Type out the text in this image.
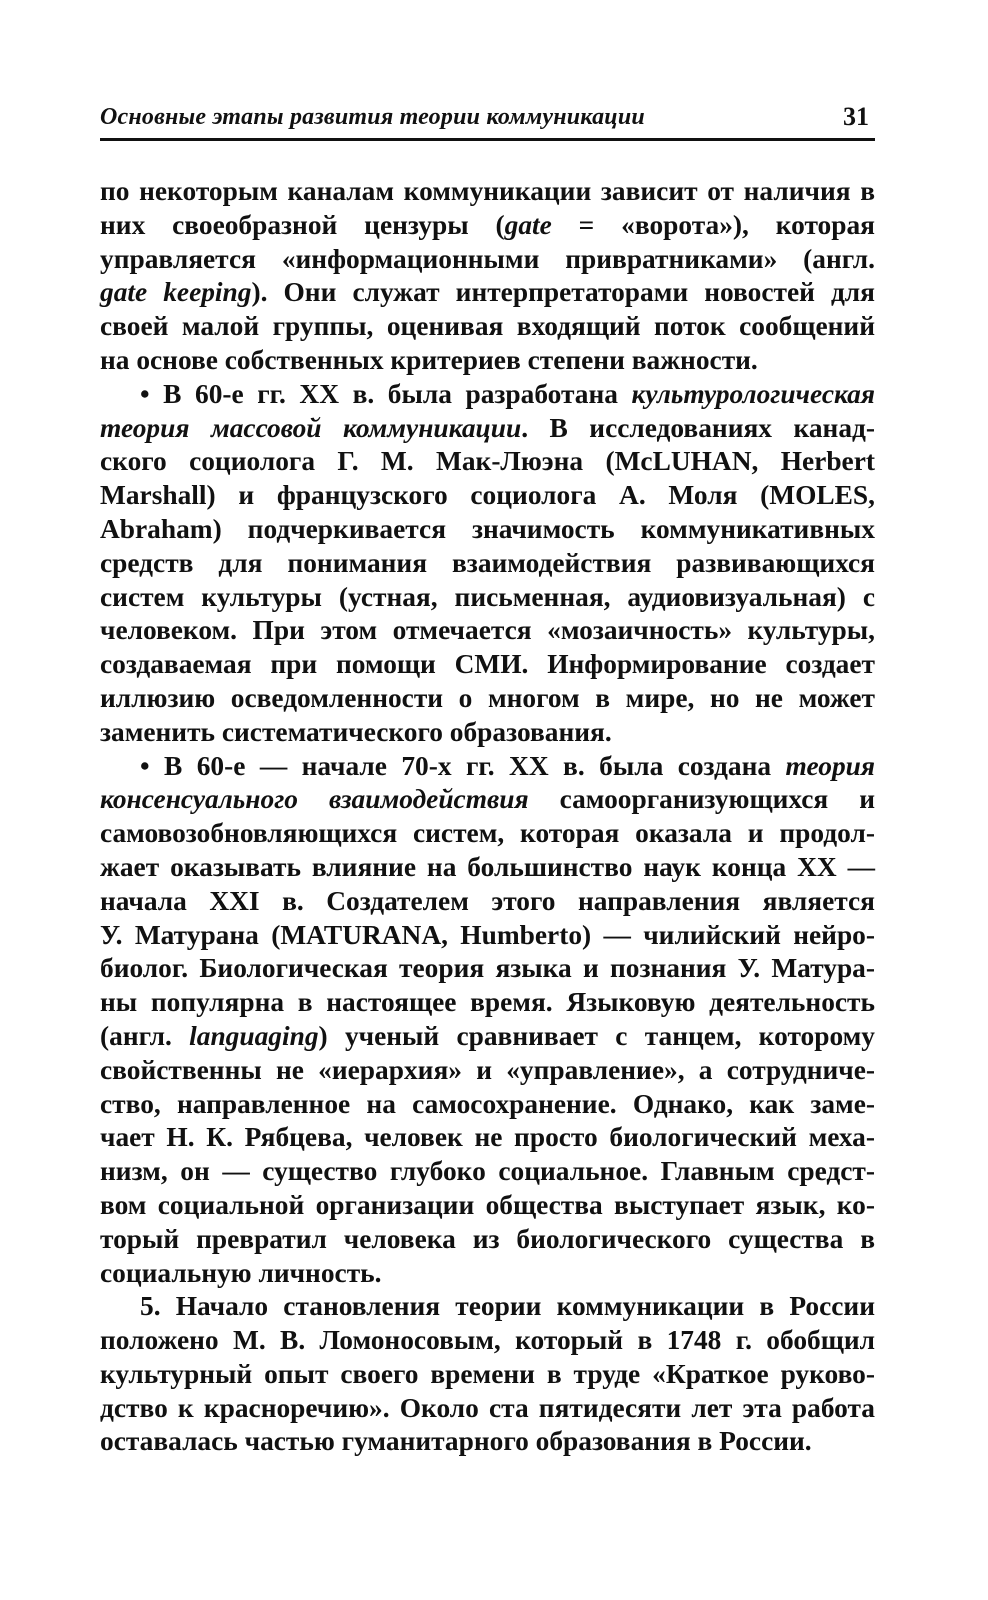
Основные этапы развития теории коммуникации	31
по некоторым каналам коммуникации зависит от наличия в
них своеобразной цензуры (gate = «ворота»), которая
управляется «информационными привратниками» (англ.
gate keeping). Они служат интерпретаторами новостей для
своей малой группы, оценивая входящий поток сообщений
на основе собственных критериев степени важности.
• В 60-е гг. XX в. была разработана культурологическая
теория массовой коммуникации. В исследованиях канад-
ского социолога Г. М. Мак-Люэна (McLUHAN, Herbert
Marshall) и французского социолога А. Моля (MOLES,
Abraham) подчеркивается значимость коммуникативных
средств для понимания взаимодействия развивающихся
систем культуры (устная, письменная, аудиовизуальная) с
человеком. При этом отмечается «мозаичность» культуры,
создаваемая при помощи СМИ. Информирование создает
иллюзию осведомленности о многом в мире, но не может
заменить систематического образования.
• В 60-е — начале 70-х гг. XX в. была создана теория
консенсуального взаимодействия самоорганизующихся и
самовозобновляющихся систем, которая оказала и продол-
жает оказывать влияние на большинство наук конца XX —
начала XXI в. Создателем этого направления является
У. Матурана (MATURANA, Humberto) — чилийский нейро-
биолог. Биологическая теория языка и познания У. Матура-
ны популярна в настоящее время. Языковую деятельность
(англ. languaging) ученый сравнивает с танцем, которому
свойственны не «иерархия» и «управление», а сотрудниче-
ство, направленное на самосохранение. Однако, как заме-
чает Н. К. Рябцева, человек не просто биологический меха-
низм, он — существо глубоко социальное. Главным средст-
вом социальной организации общества выступает язык, ко-
торый превратил человека из биологического существа в
социальную личность.
5. Начало становления теории коммуникации в России
положено М. В. Ломоносовым, который в 1748 г. обобщил
культурный опыт своего времени в труде «Краткое руково-
дство к красноречию». Около ста пятидесяти лет эта работа
оставалась частью гуманитарного образования в России.
